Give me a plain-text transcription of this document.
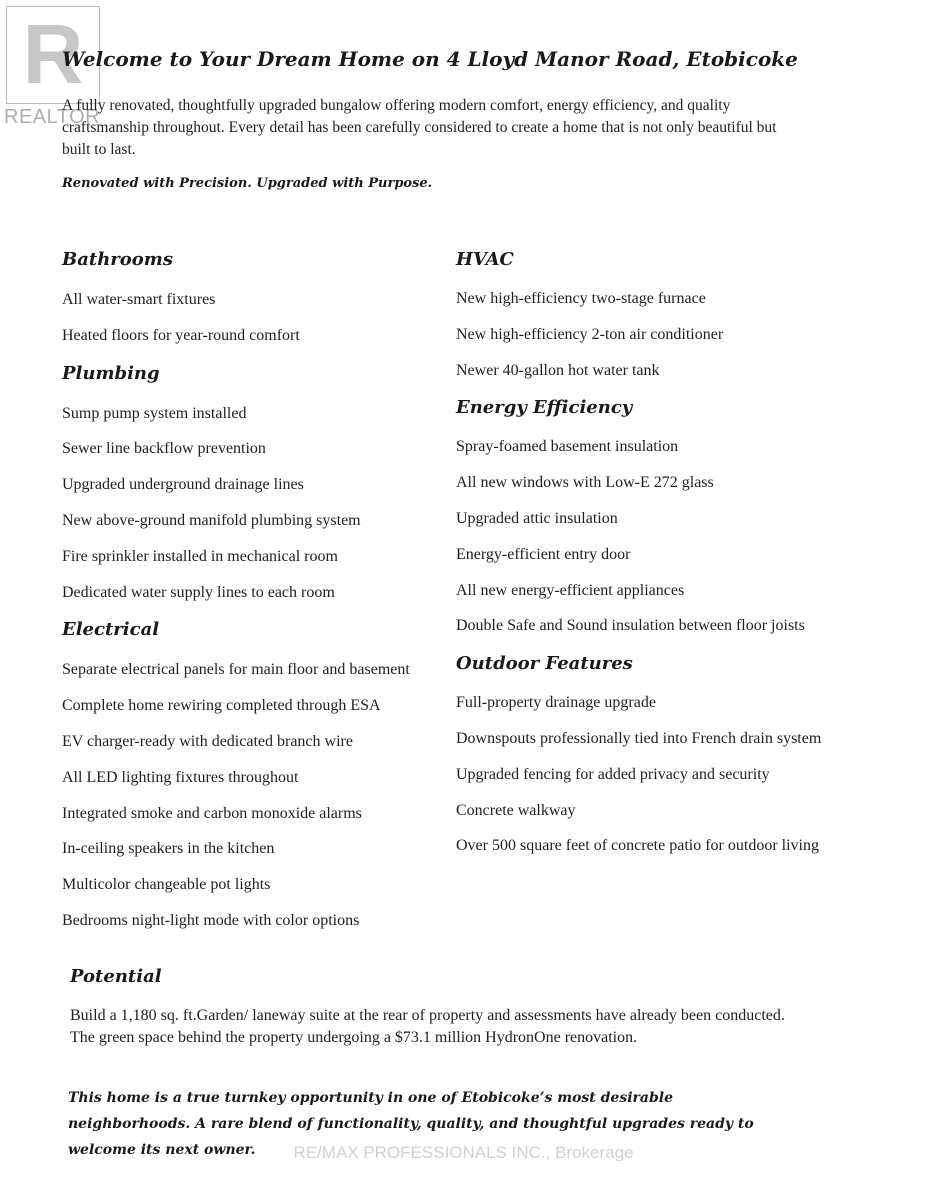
R
REALTOR
Welcome to Your Dream Home on 4 Lloyd Manor Road, Etobicoke

A fully renovated, thoughtfully upgraded bungalow offering modern comfort, energy efficiency, and quality craftsmanship throughout. Every detail has been carefully considered to create a home that is not only beautiful but built to last.

Renovated with Precision. Upgraded with Purpose.

Bathrooms
All water-smart fixtures
Heated floors for year-round comfort
Plumbing
Sump pump system installed
Sewer line backflow prevention
Upgraded underground drainage lines
New above-ground manifold plumbing system
Fire sprinkler installed in mechanical room
Dedicated water supply lines to each room
Electrical
Separate electrical panels for main floor and basement
Complete home rewiring completed through ESA
EV charger-ready with dedicated branch wire
All LED lighting fixtures throughout
Integrated smoke and carbon monoxide alarms
In-ceiling speakers in the kitchen
Multicolor changeable pot lights
Bedrooms night-light mode with color options
HVAC
New high-efficiency two-stage furnace
New high-efficiency 2-ton air conditioner
Newer 40-gallon hot water tank
Energy Efficiency
Spray-foamed basement insulation
All new windows with Low-E 272 glass
Upgraded attic insulation
Energy-efficient entry door
All new energy-efficient appliances
Double Safe and Sound insulation between floor joists
Outdoor Features
Full-property drainage upgrade
Downspouts professionally tied into French drain system
Upgraded fencing for added privacy and security
Concrete walkway
Over 500 square feet of concrete patio for outdoor living
Potential

Build a 1,180 sq. ft.Garden/ laneway suite at the rear of property and assessments have already been conducted. The green space behind the property undergoing a $73.1 million HydronOne renovation.

This home is a true turnkey opportunity in one of Etobicoke’s most desirable neighborhoods. A rare blend of functionality, quality, and thoughtful upgrades ready to welcome its next owner.	RE/MAX PROFESSIONALS INC., Brokerage
